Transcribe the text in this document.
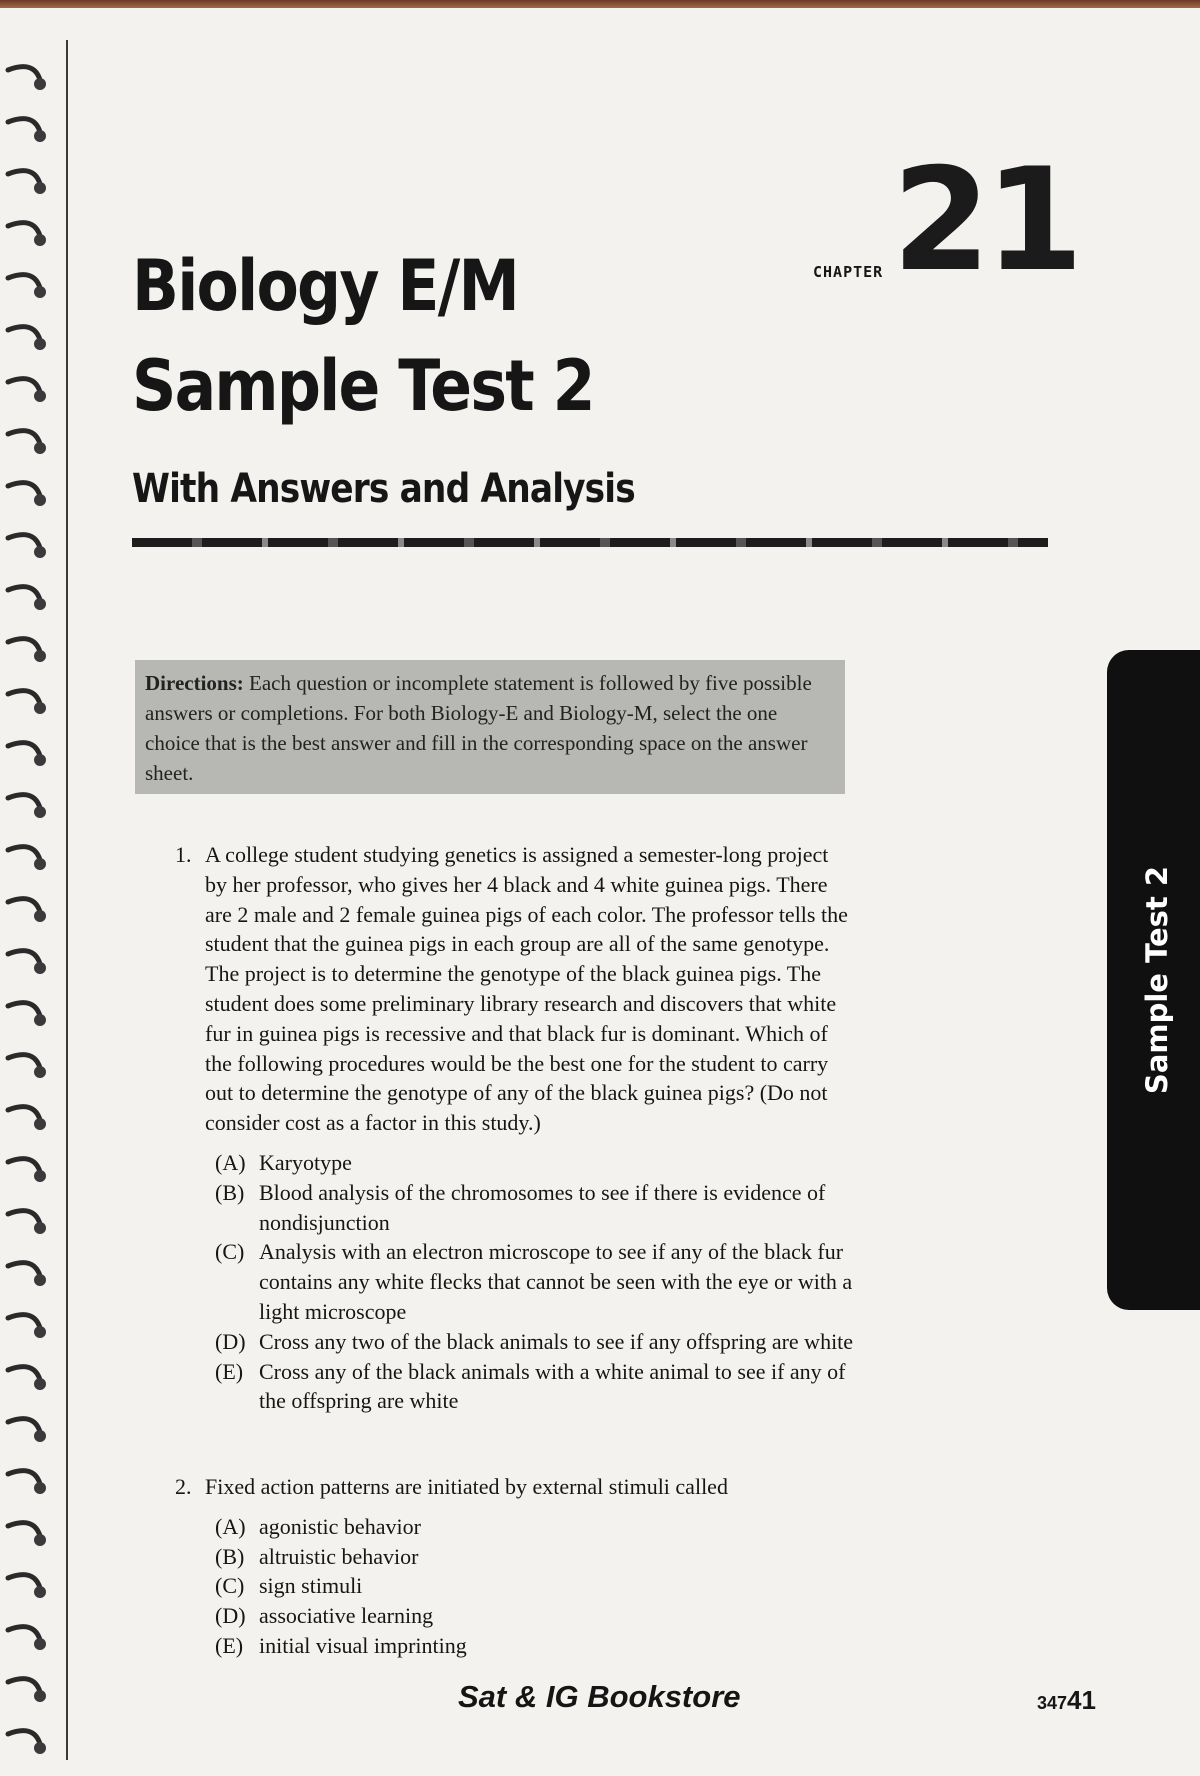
CHAPTER 21
Biology E/M
Sample Test 2
With Answers and Analysis
Directions: Each question or incomplete statement is followed by five possible answers or completions. For both Biology-E and Biology-M, select the one choice that is the best answer and fill in the corresponding space on the answer sheet.
Sample Test 2
1. A college student studying genetics is assigned a semester-long project by her professor, who gives her 4 black and 4 white guinea pigs. There are 2 male and 2 female guinea pigs of each color. The professor tells the student that the guinea pigs in each group are all of the same genotype. The project is to determine the genotype of the black guinea pigs. The student does some preliminary library research and discovers that white fur in guinea pigs is recessive and that black fur is dominant. Which of the following procedures would be the best one for the student to carry out to determine the genotype of any of the black guinea pigs? (Do not consider cost as a factor in this study.)
(A) Karyotype
(B) Blood analysis of the chromosomes to see if there is evidence of nondisjunction
(C) Analysis with an electron microscope to see if any of the black fur contains any white flecks that cannot be seen with the eye or with a light microscope
(D) Cross any two of the black animals to see if any offspring are white
(E) Cross any of the black animals with a white animal to see if any of the offspring are white
2. Fixed action patterns are initiated by external stimuli called
(A) agonistic behavior
(B) altruistic behavior
(C) sign stimuli
(D) associative learning
(E) initial visual imprinting
Sat & IG Bookstore	34741
